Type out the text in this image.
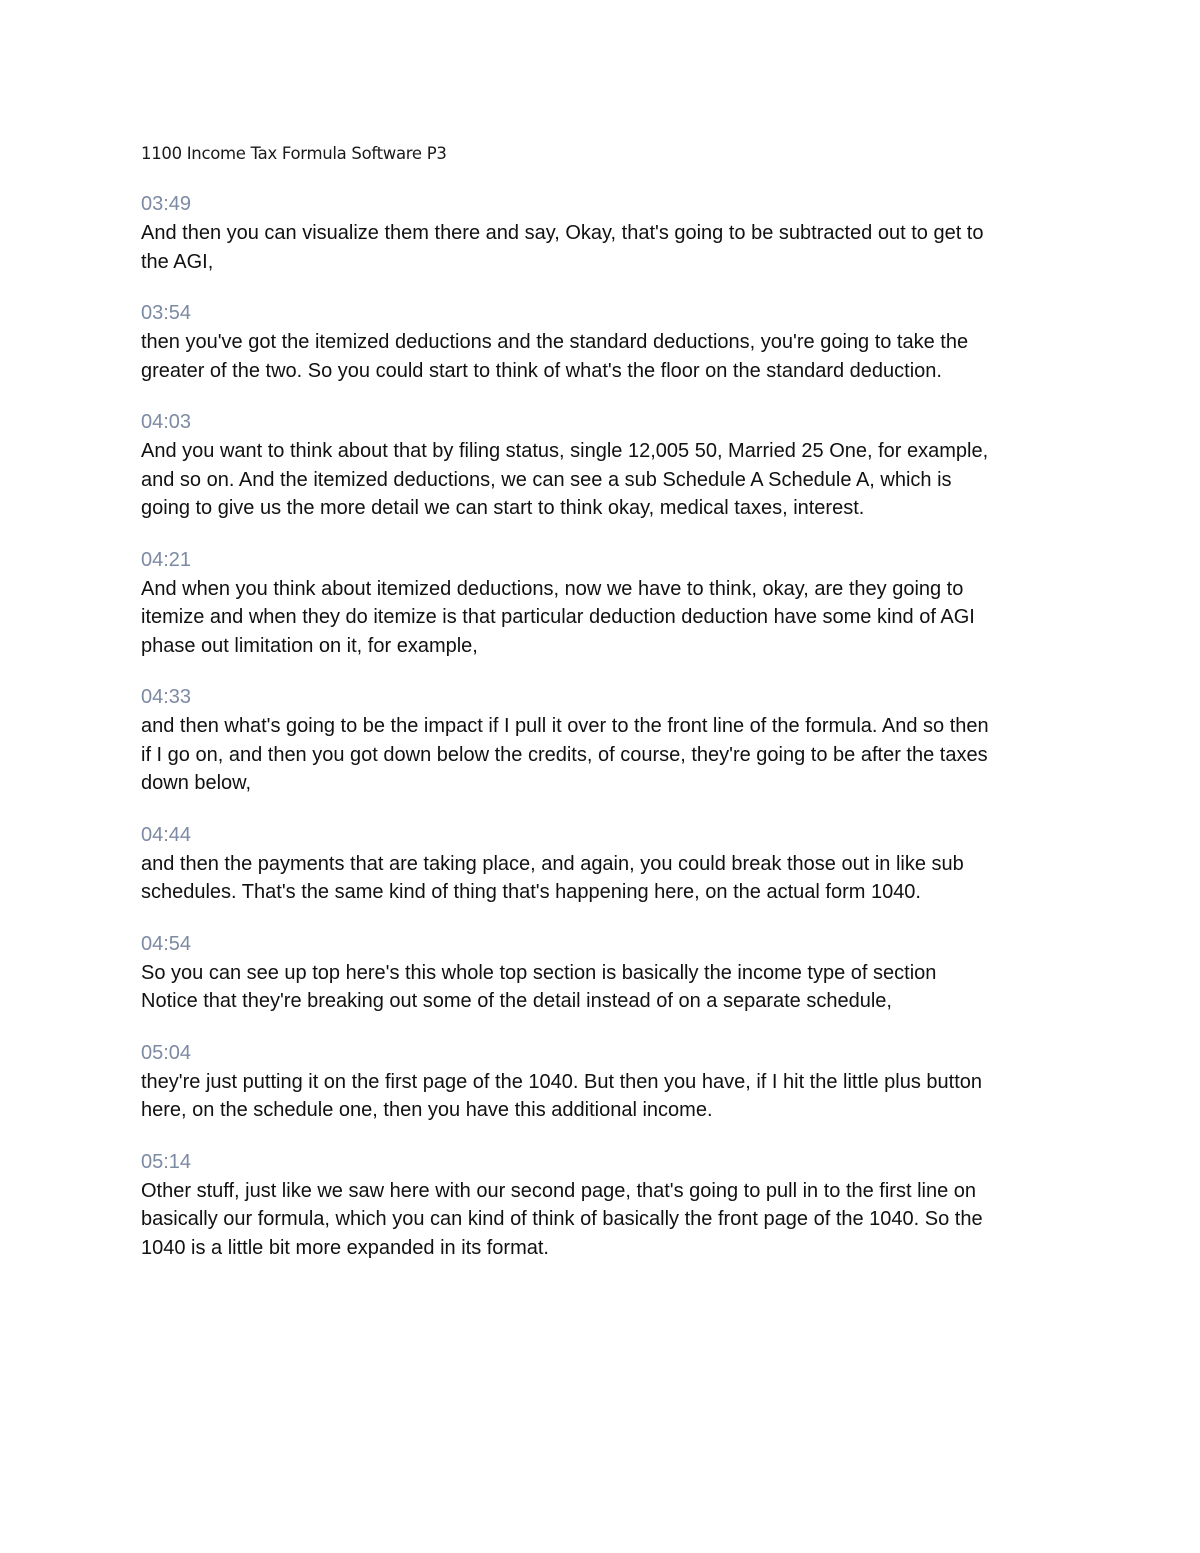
1100 Income Tax Formula Software P3
03:49
And then you can visualize them there and say, Okay, that's going to be subtracted out to get to
the AGI,
03:54
then you've got the itemized deductions and the standard deductions, you're going to take the
greater of the two. So you could start to think of what's the floor on the standard deduction.
04:03
And you want to think about that by filing status, single 12,005 50, Married 25 One, for example,
and so on. And the itemized deductions, we can see a sub Schedule A Schedule A, which is
going to give us the more detail we can start to think okay, medical taxes, interest.
04:21
And when you think about itemized deductions, now we have to think, okay, are they going to
itemize and when they do itemize is that particular deduction deduction have some kind of AGI
phase out limitation on it, for example,
04:33
and then what's going to be the impact if I pull it over to the front line of the formula. And so then
if I go on, and then you got down below the credits, of course, they're going to be after the taxes
down below,
04:44
and then the payments that are taking place, and again, you could break those out in like sub
schedules. That's the same kind of thing that's happening here, on the actual form 1040.
04:54
So you can see up top here's this whole top section is basically the income type of section
Notice that they're breaking out some of the detail instead of on a separate schedule,
05:04
they're just putting it on the first page of the 1040. But then you have, if I hit the little plus button
here, on the schedule one, then you have this additional income.
05:14
Other stuff, just like we saw here with our second page, that's going to pull in to the first line on
basically our formula, which you can kind of think of basically the front page of the 1040. So the
1040 is a little bit more expanded in its format.
